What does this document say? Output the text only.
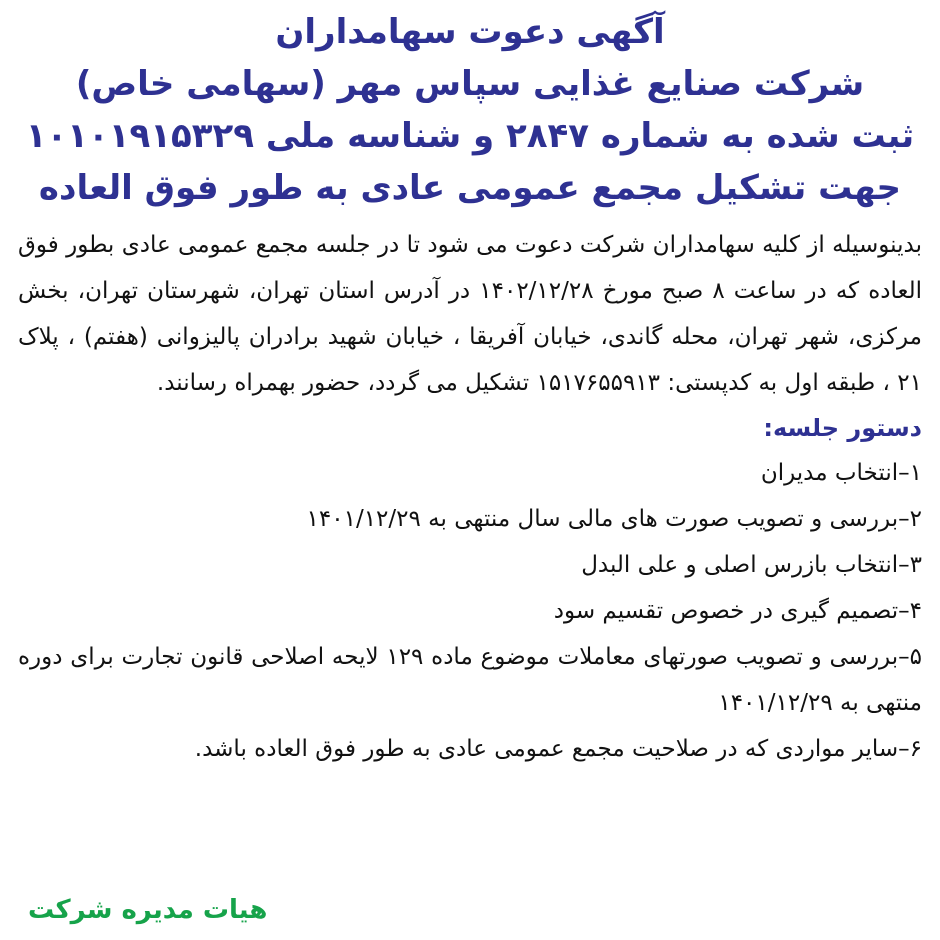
آگهی دعوت سهامداران
شرکت صنایع غذایی سپاس مهر (سهامی خاص)
ثبت شده به شماره ۲۸۴۷ و شناسه ملی ۱۰۱۰۱۹۱۵۳۲۹
جهت تشکیل مجمع عمومی عادی به طور فوق العاده
بدینوسیله از کلیه سهامداران شرکت دعوت می شود تا در جلسه مجمع عمومی عادی بطور فوق العاده که در ساعت ۸ صبح مورخ ۱۴۰۲/۱۲/۲۸ در آدرس استان تهران، شهرستان تهران، بخش مرکزی، شهر تهران، محله گاندی، خیابان آفریقا ، خیابان شهید برادران پالیزوانی (هفتم) ، پلاک ۲۱ ، طبقه اول به کدپستی: ۱۵۱۷۶۵۵۹۱۳ تشکیل می گردد، حضور بهمراه رسانند.
دستور جلسه:
۱–انتخاب مدیران
۲–بررسی و تصویب صورت های مالی سال منتهی به ۱۴۰۱/۱۲/۲۹
۳–انتخاب بازرس اصلی و علی البدل
۴–تصمیم گیری در خصوص تقسیم سود
۵–بررسی و تصویب صورتهای معاملات موضوع ماده ۱۲۹ لایحه اصلاحی قانون تجارت برای دوره منتهی به ۱۴۰۱/۱۲/۲۹
۶–سایر مواردی که در صلاحیت مجمع عمومی عادی به طور فوق العاده باشد.
هیات مدیره شرکت
